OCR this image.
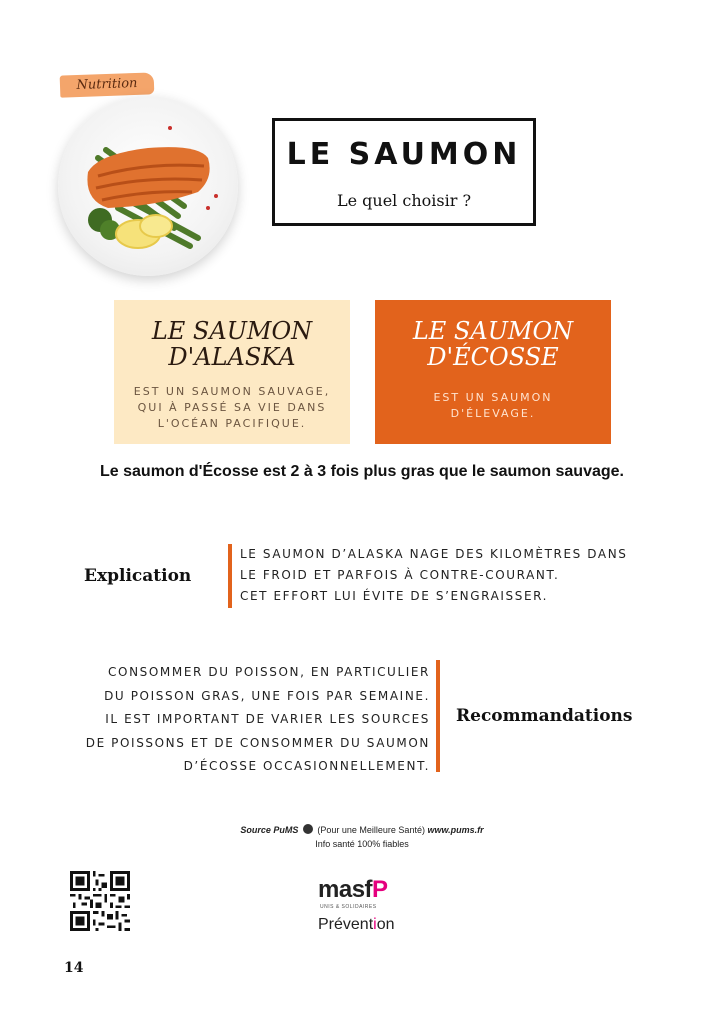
Nutrition
LE SAUMON
Le quel choisir ?
LE SAUMON
D'ALASKA

EST UN SAUMON SAUVAGE,
QUI À PASSÉ SA VIE DANS
L'OCÉAN PACIFIQUE.

LE SAUMON
D'ÉCOSSE

EST UN SAUMON
D'ÉLEVAGE.

Le saumon d'Écosse est 2 à 3 fois plus gras que le saumon sauvage.
Explication
LE SAUMON D’ALASKA NAGE DES KILOMÈTRES DANS
LE FROID ET PARFOIS À CONTRE-COURANT.
CET EFFORT LUI ÉVITE DE S’ENGRAISSER.
CONSOMMER DU POISSON, EN PARTICULIER
DU POISSON GRAS, UNE FOIS PAR SEMAINE.
IL EST IMPORTANT DE VARIER LES SOURCES
DE POISSONS ET DE CONSOMMER DU SAUMON
D’ÉCOSSE OCCASIONNELLEMENT.
Recommandations
Source PuMS (Pour une Meilleure Santé) www.pums.fr
Info santé 100% fiables
masfP
UNIS & SOLIDAIRES
Prévention
14
